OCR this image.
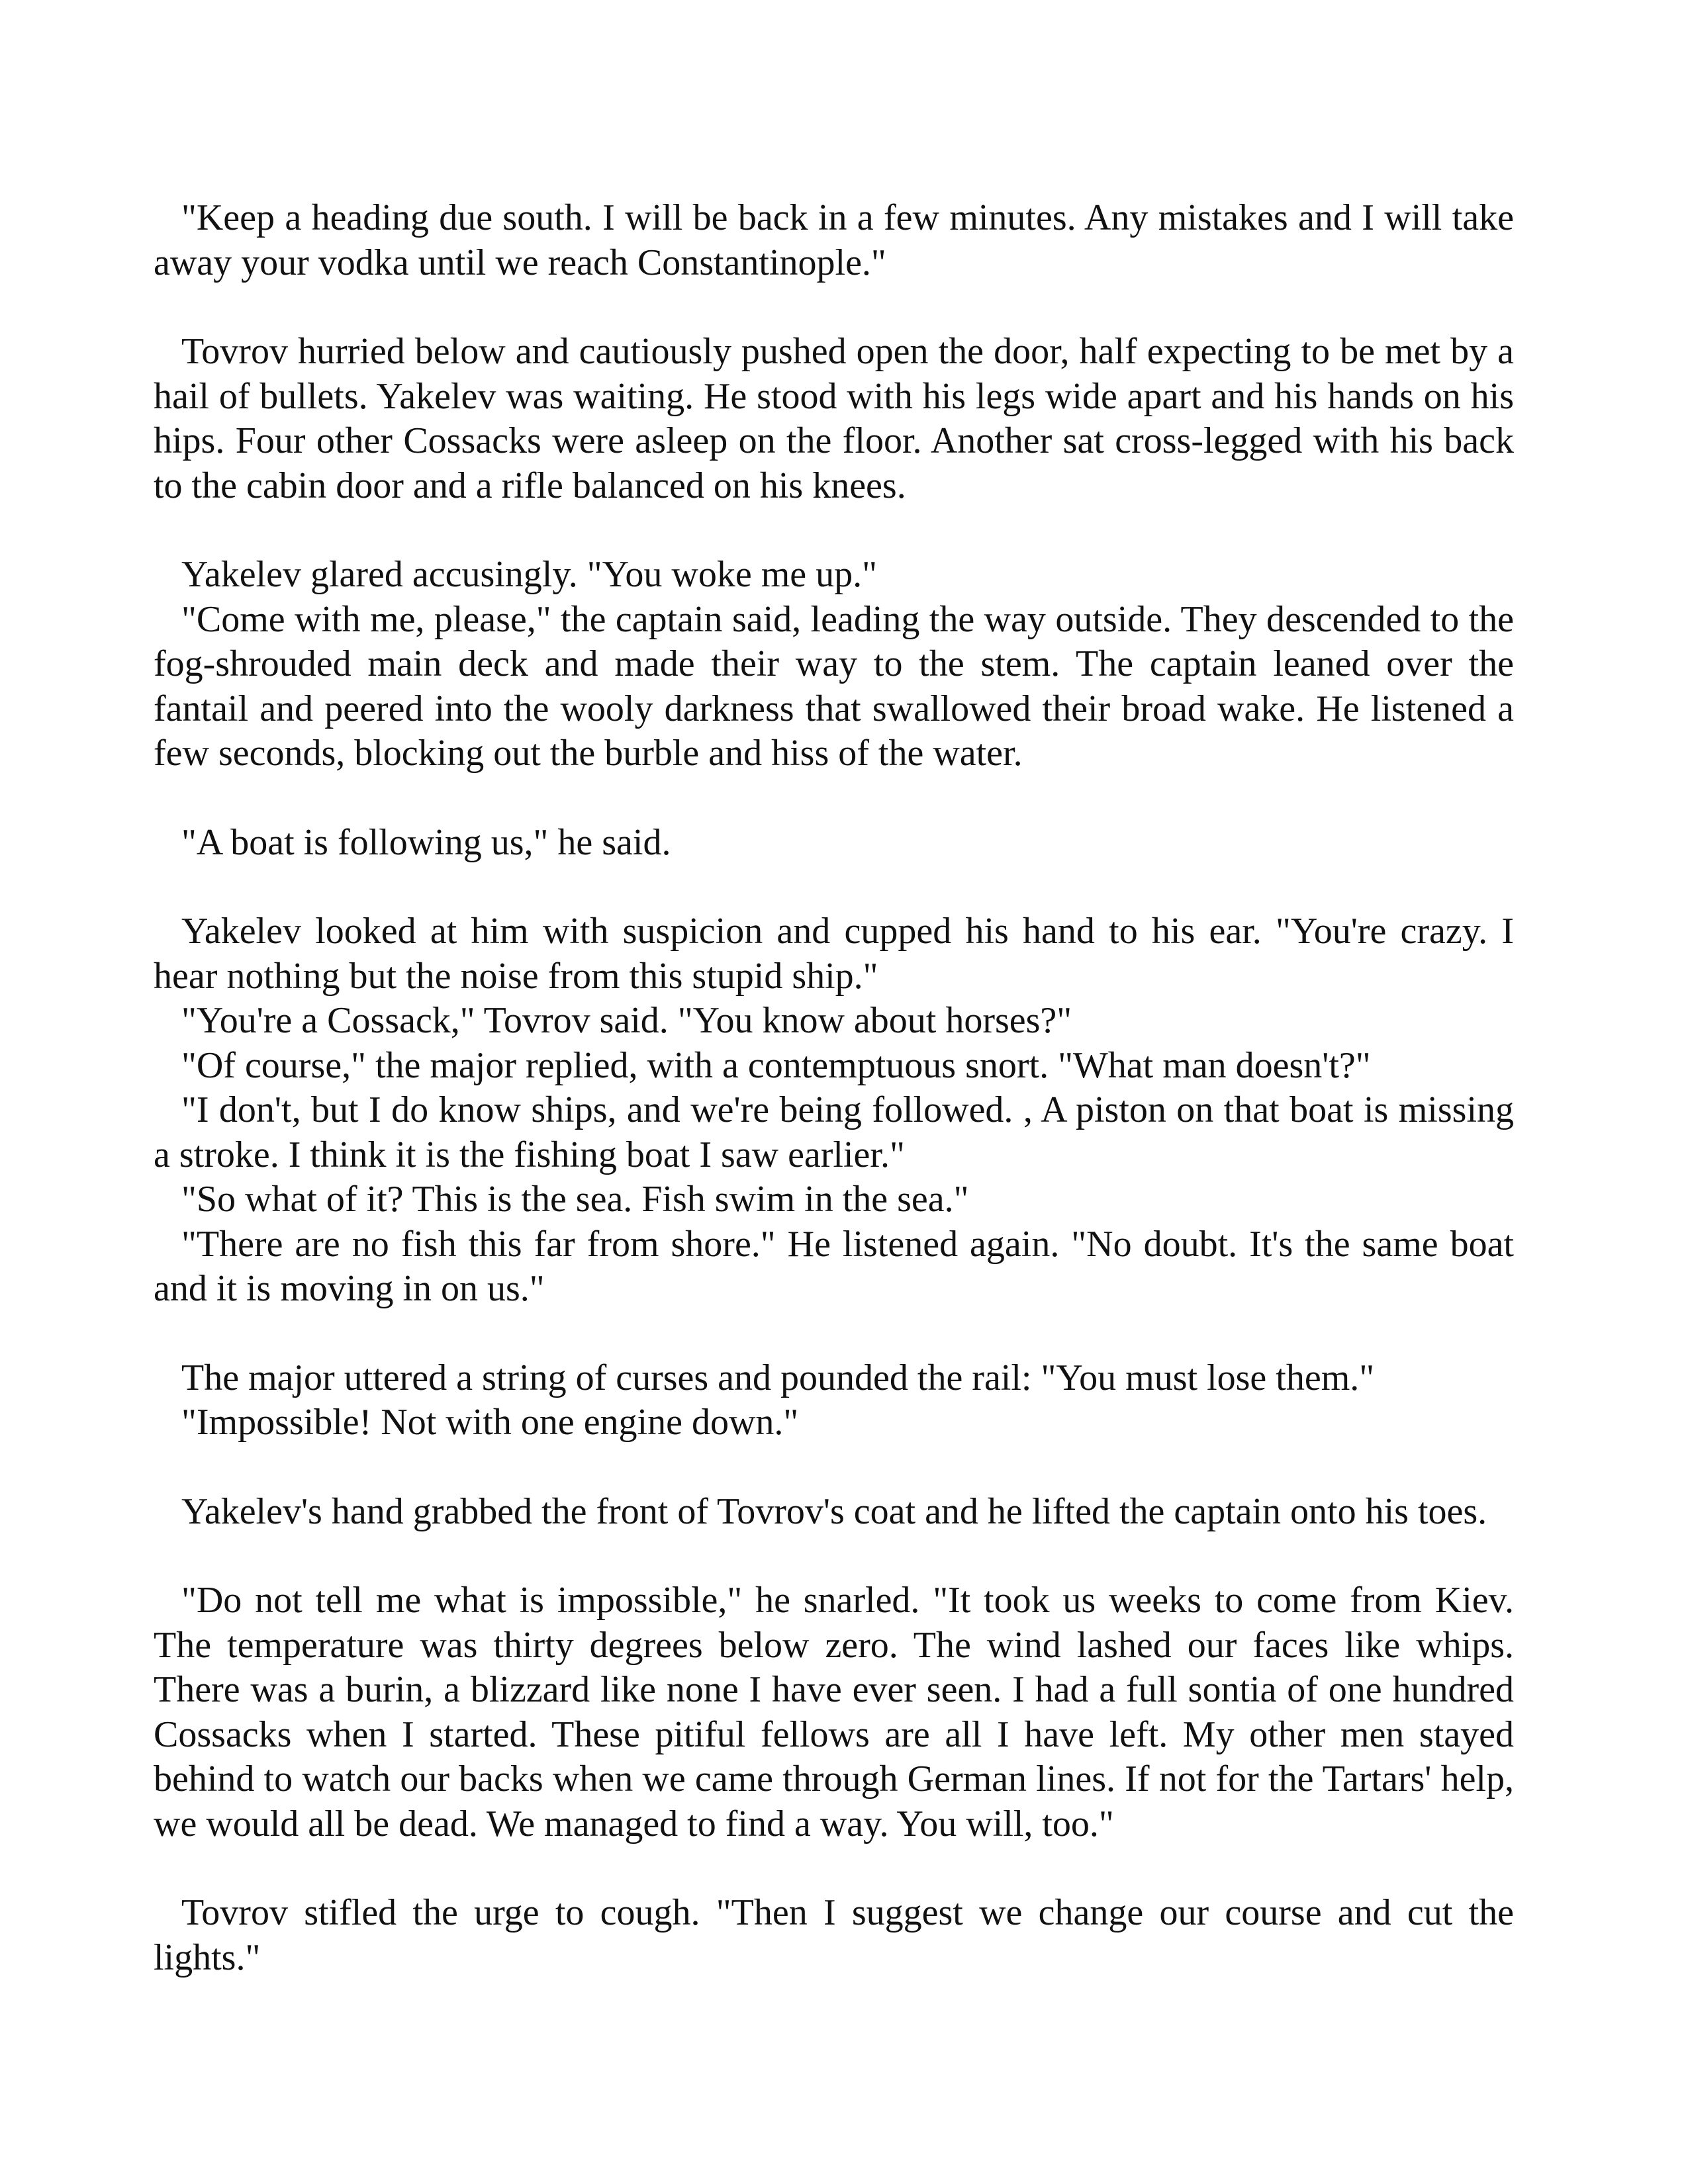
"Keep a heading due south. I will be back in a few minutes. Any mistakes and I will take away your vodka until we reach Constantinople."

Tovrov hurried below and cautiously pushed open the door, half expecting to be met by a hail of bullets. Yakelev was waiting. He stood with his legs wide apart and his hands on his hips. Four other Cossacks were asleep on the floor. Another sat cross-legged with his back to the cabin door and a rifle balanced on his knees.

Yakelev glared accusingly. "You woke me up."

"Come with me, please," the captain said, leading the way outside. They descended to the fog-shrouded main deck and made their way to the stem. The captain leaned over the fantail and peered into the wooly darkness that swallowed their broad wake. He listened a few seconds, blocking out the burble and hiss of the water.

"A boat is following us," he said.

Yakelev looked at him with suspicion and cupped his hand to his ear. "You're crazy. I hear nothing but the noise from this stupid ship."

"You're a Cossack," Tovrov said. "You know about horses?"

"Of course," the major replied, with a contemptuous snort. "What man doesn't?"

"I don't, but I do know ships, and we're being followed. , A piston on that boat is missing a stroke. I think it is the fishing boat I saw earlier."

"So what of it? This is the sea. Fish swim in the sea."

"There are no fish this far from shore." He listened again. "No doubt. It's the same boat and it is moving in on us."

The major uttered a string of curses and pounded the rail: "You must lose them."

"Impossible! Not with one engine down."

Yakelev's hand grabbed the front of Tovrov's coat and he lifted the captain onto his toes.

"Do not tell me what is impossible," he snarled. "It took us weeks to come from Kiev. The temperature was thirty degrees below zero. The wind lashed our faces like whips. There was a burin, a blizzard like none I have ever seen. I had a full sontia of one hundred Cossacks when I started. These pitiful fellows are all I have left. My other men stayed behind to watch our backs when we came through German lines. If not for the Tartars' help, we would all be dead. We managed to find a way. You will, too."

Tovrov stifled the urge to cough. "Then I suggest we change our course and cut the lights."
